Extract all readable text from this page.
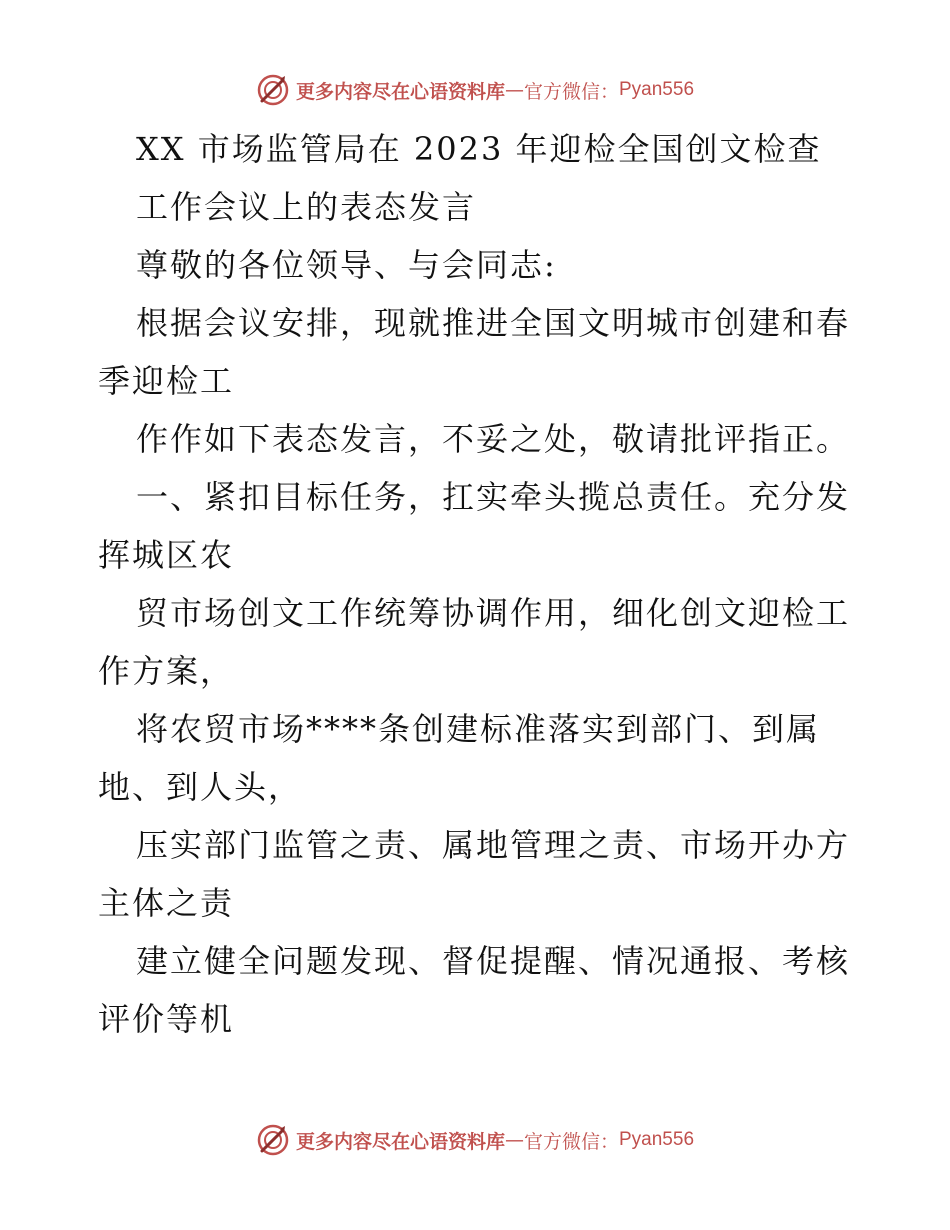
更多内容尽在心语资料库 — 官方微信： Pyan556
XX 市场监管局在 2023 年迎检全国创文检查
工作会议上的表态发言
尊敬的各位领导、与会同志:
根据会议安排，现就推进全国文明城市创建和春
季迎检工
作作如下表态发言，不妥之处，敬请批评指正。
一、紧扣目标任务，扛实牵头揽总责任。充分发
挥城区农
贸市场创文工作统筹协调作用，细化创文迎检工
作方案，
将农贸市场****条创建标准落实到部门、到属
地、到人头，
压实部门监管之责、属地管理之责、市场开办方
主体之责
建立健全问题发现、督促提醒、情况通报、考核
评价等机
更多内容尽在心语资料库 — 官方微信： Pyan556
